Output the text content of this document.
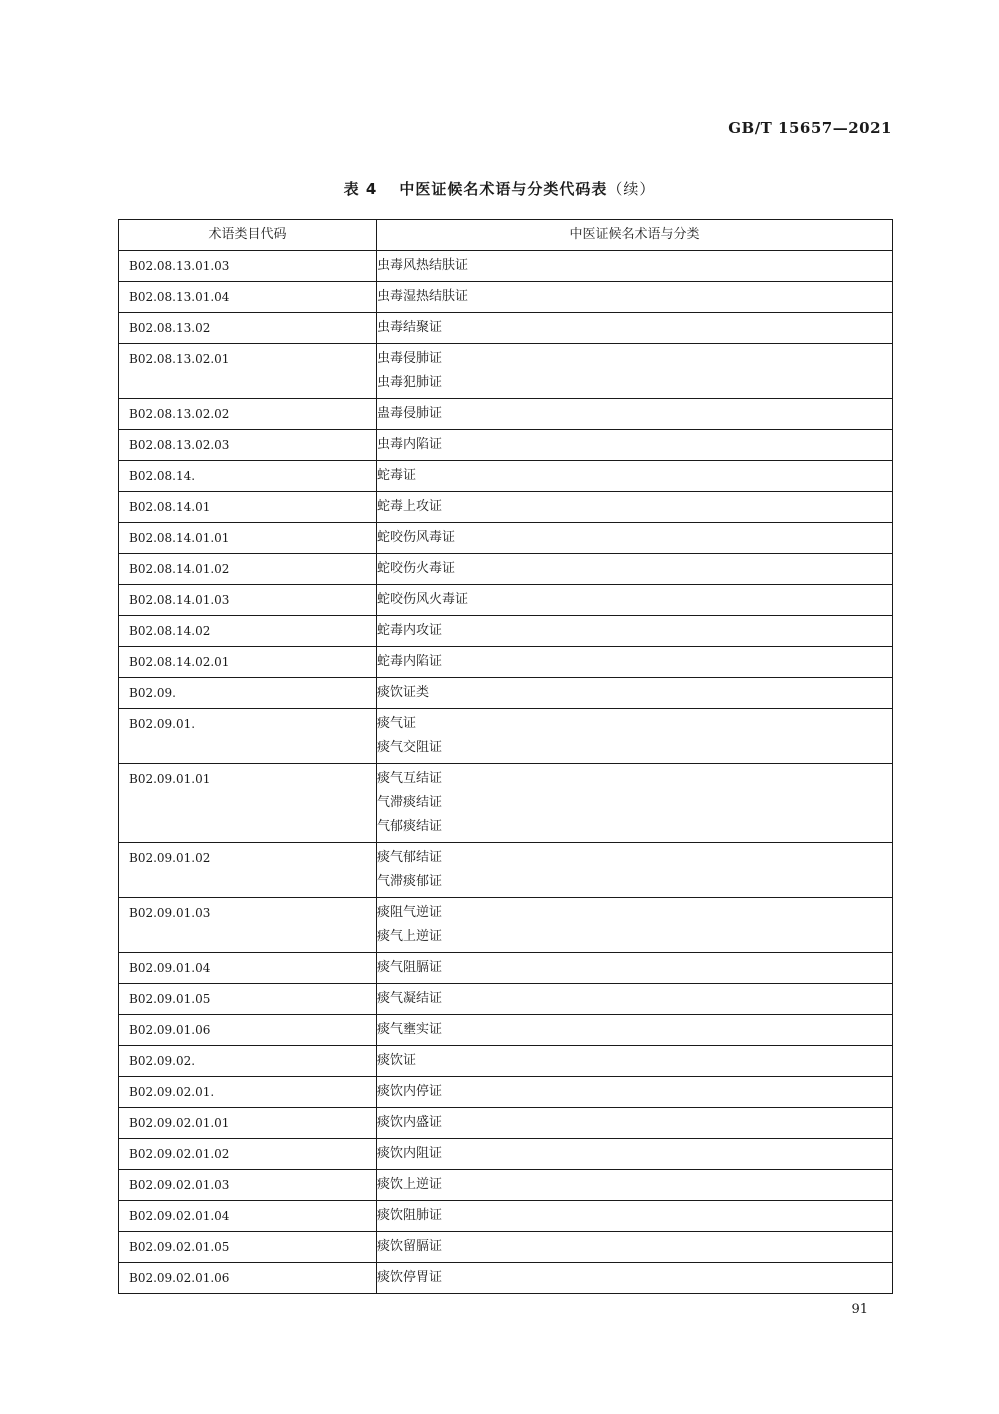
GB/T 15657—2021
表 4 中医证候名术语与分类代码表（续）
术语类目代码	中医证候名术语与分类
B02.08.13.01.03	虫毒风热结肤证

B02.08.13.01.04	虫毒湿热结肤证

B02.08.13.02	虫毒结聚证

B02.08.13.02.01	虫毒侵肺证
虫毒犯肺证

B02.08.13.02.02	蛊毒侵肺证

B02.08.13.02.03	虫毒内陷证

B02.08.14.	蛇毒证

B02.08.14.01	蛇毒上攻证

B02.08.14.01.01	蛇咬伤风毒证

B02.08.14.01.02	蛇咬伤火毒证

B02.08.14.01.03	蛇咬伤风火毒证

B02.08.14.02	蛇毒内攻证

B02.08.14.02.01	蛇毒内陷证

B02.09.	痰饮证类

B02.09.01.	痰气证
痰气交阻证

B02.09.01.01	痰气互结证
气滞痰结证
气郁痰结证

B02.09.01.02	痰气郁结证
气滞痰郁证

B02.09.01.03	痰阻气逆证
痰气上逆证

B02.09.01.04	痰气阻膈证

B02.09.01.05	痰气凝结证

B02.09.01.06	痰气壅实证

B02.09.02.	痰饮证

B02.09.02.01.	痰饮内停证

B02.09.02.01.01	痰饮内盛证

B02.09.02.01.02	痰饮内阻证

B02.09.02.01.03	痰饮上逆证

B02.09.02.01.04	痰饮阻肺证

B02.09.02.01.05	痰饮留膈证

B02.09.02.01.06	痰饮停胃证
91
